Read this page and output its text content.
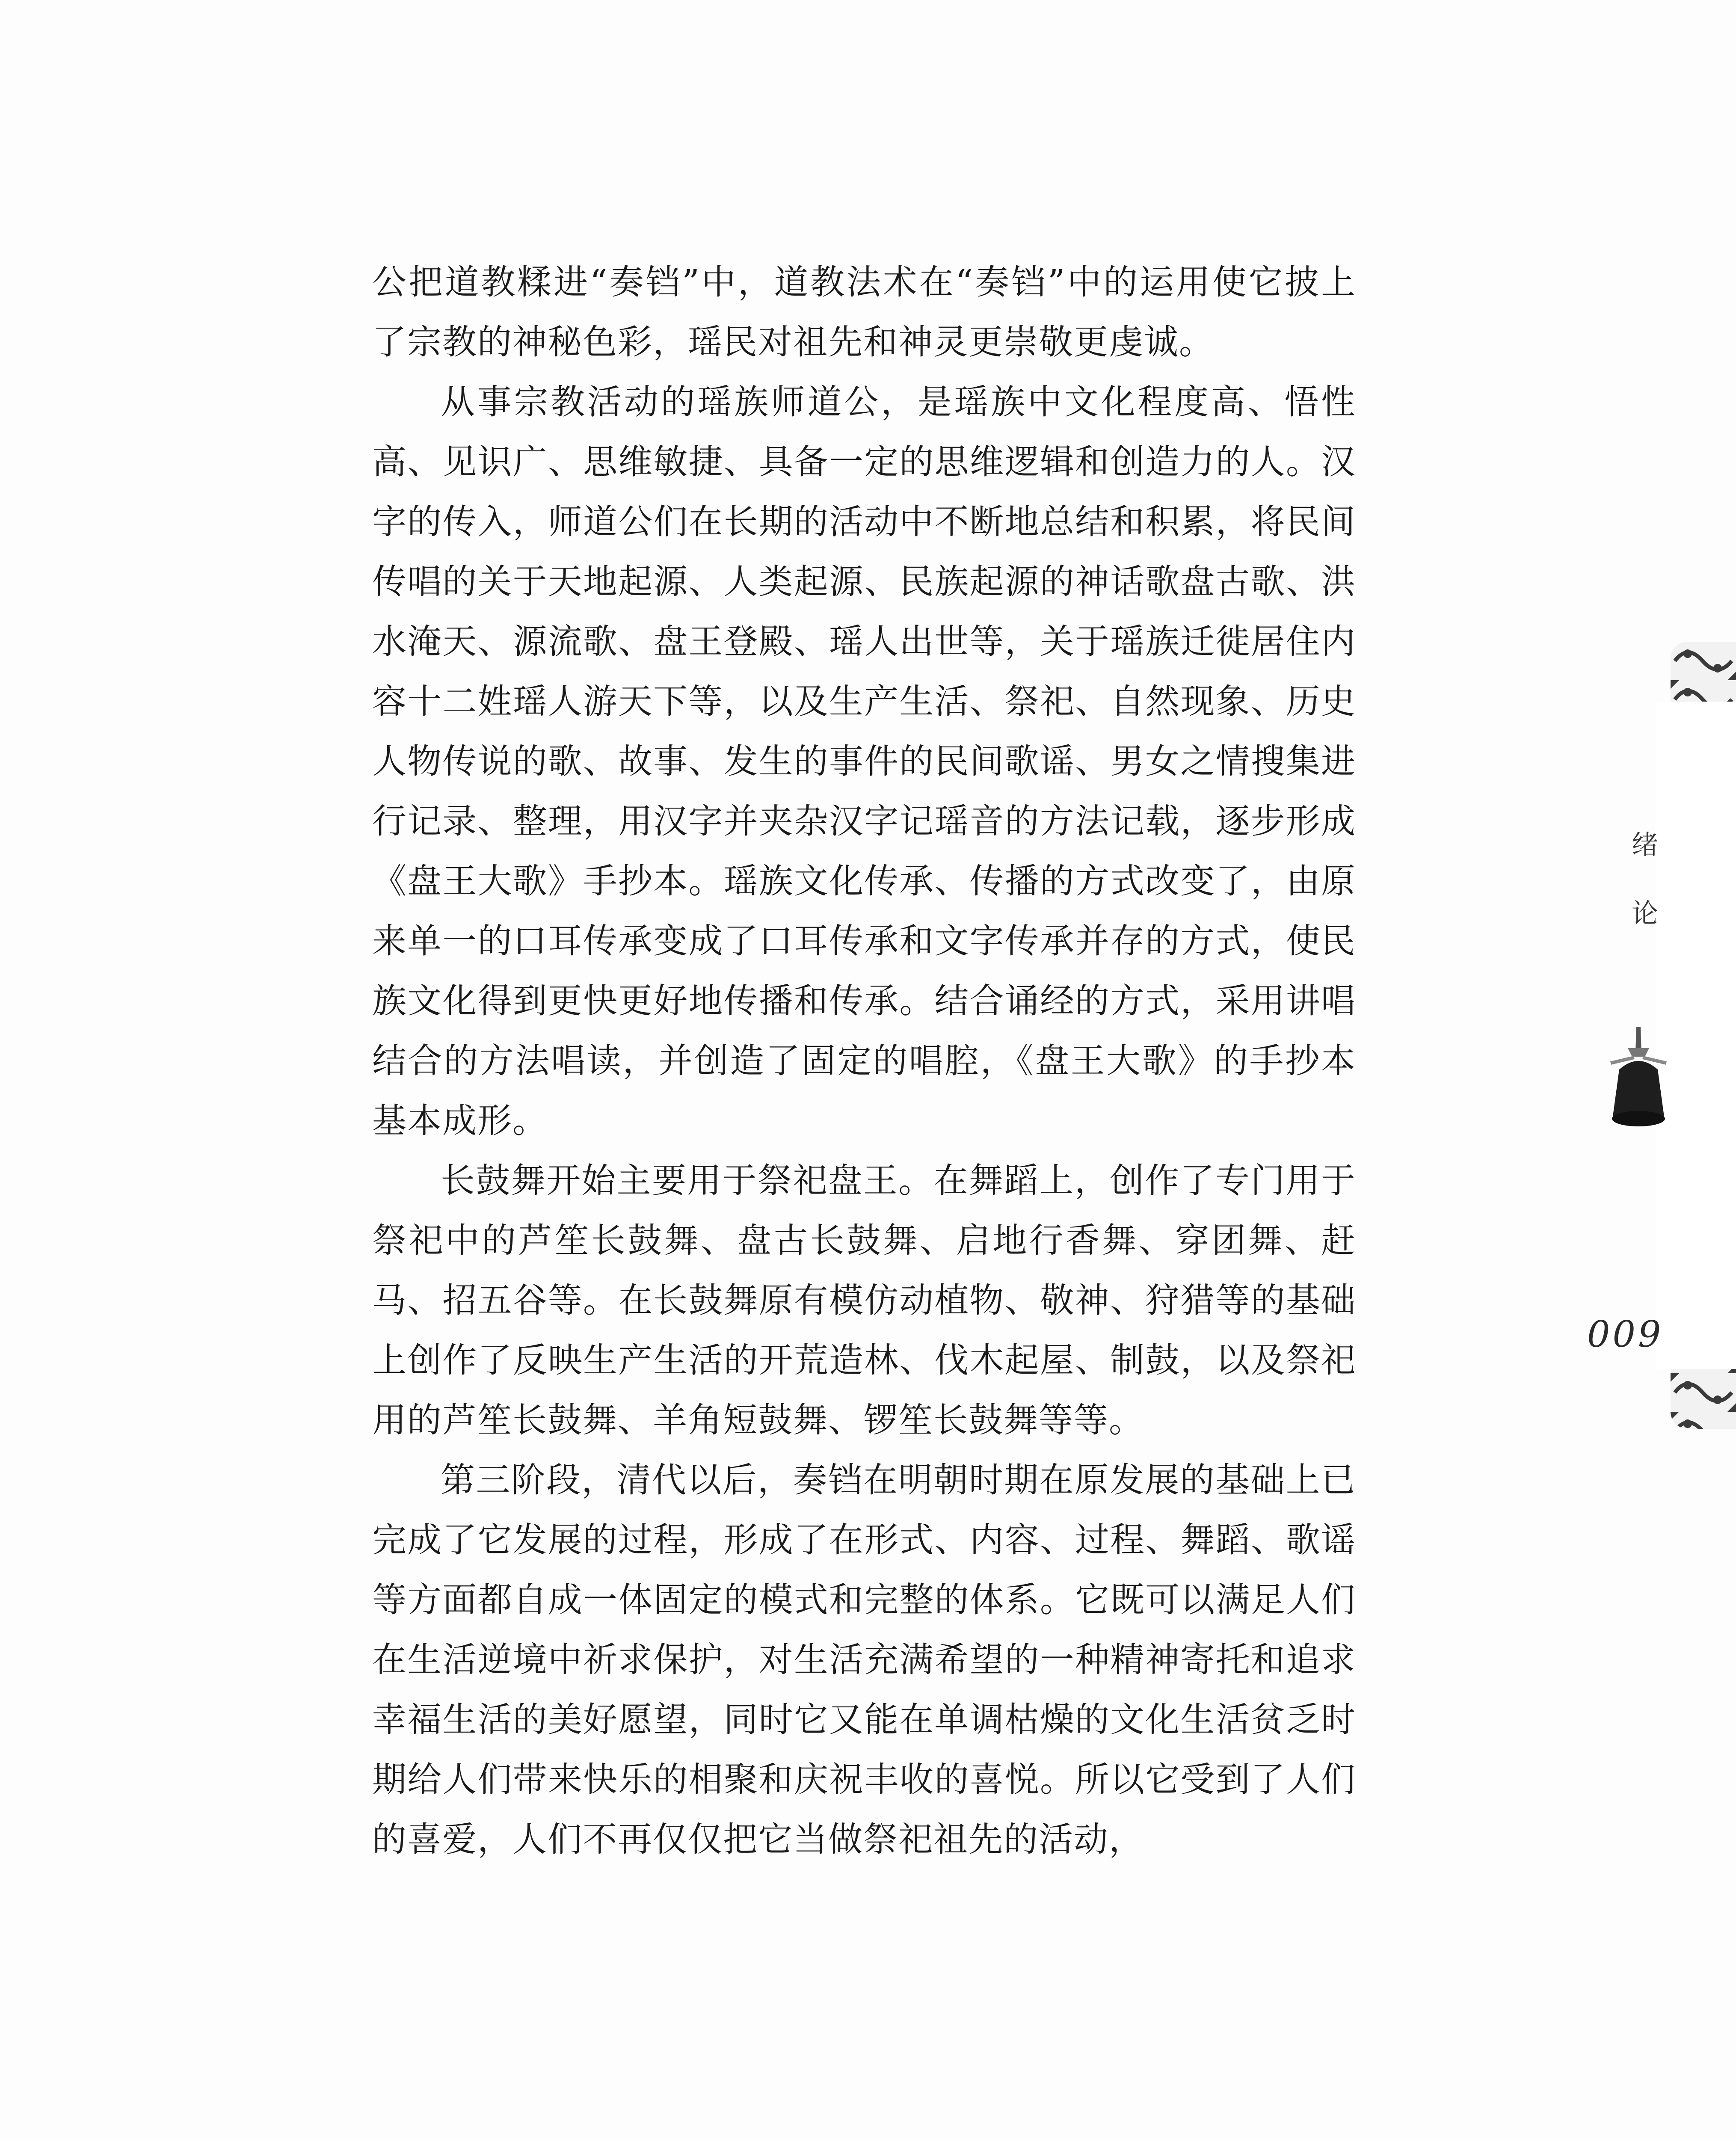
公把道教糅进“奏铛”中，道教法术在“奏铛”中的运用使它披上了宗教的神秘色彩，瑶民对祖先和神灵更崇敬更虔诚。

从事宗教活动的瑶族师道公，是瑶族中文化程度高、悟性高、见识广、思维敏捷、具备一定的思维逻辑和创造力的人。汉字的传入，师道公们在长期的活动中不断地总结和积累，将民间传唱的关于天地起源、人类起源、民族起源的神话歌盘古歌、洪水淹天、源流歌、盘王登殿、瑶人出世等，关于瑶族迁徙居住内容十二姓瑶人游天下等，以及生产生活、祭祀、自然现象、历史人物传说的歌、故事、发生的事件的民间歌谣、男女之情搜集进行记录、整理，用汉字并夹杂汉字记瑶音的方法记载，逐步形成《盘王大歌》手抄本。瑶族文化传承、传播的方式改变了，由原来单一的口耳传承变成了口耳传承和文字传承并存的方式，使民族文化得到更快更好地传播和传承。结合诵经的方式，采用讲唱结合的方法唱读，并创造了固定的唱腔，《盘王大歌》的手抄本基本成形。

长鼓舞开始主要用于祭祀盘王。在舞蹈上，创作了专门用于祭祀中的芦笙长鼓舞、盘古长鼓舞、启地行香舞、穿团舞、赶马、招五谷等。在长鼓舞原有模仿动植物、敬神、狩猎等的基础上创作了反映生产生活的开荒造林、伐木起屋、制鼓，以及祭祀用的芦笙长鼓舞、羊角短鼓舞、锣笙长鼓舞等等。

第三阶段，清代以后，奏铛在明朝时期在原发展的基础上已完成了它发展的过程，形成了在形式、内容、过程、舞蹈、歌谣等方面都自成一体固定的模式和完整的体系。它既可以满足人们在生活逆境中祈求保护，对生活充满希望的一种精神寄托和追求幸福生活的美好愿望，同时它又能在单调枯燥的文化生活贫乏时期给人们带来快乐的相聚和庆祝丰收的喜悦。所以它受到了人们的喜爱，人们不再仅仅把它当做祭祀祖先的活动，

绪
论
009
